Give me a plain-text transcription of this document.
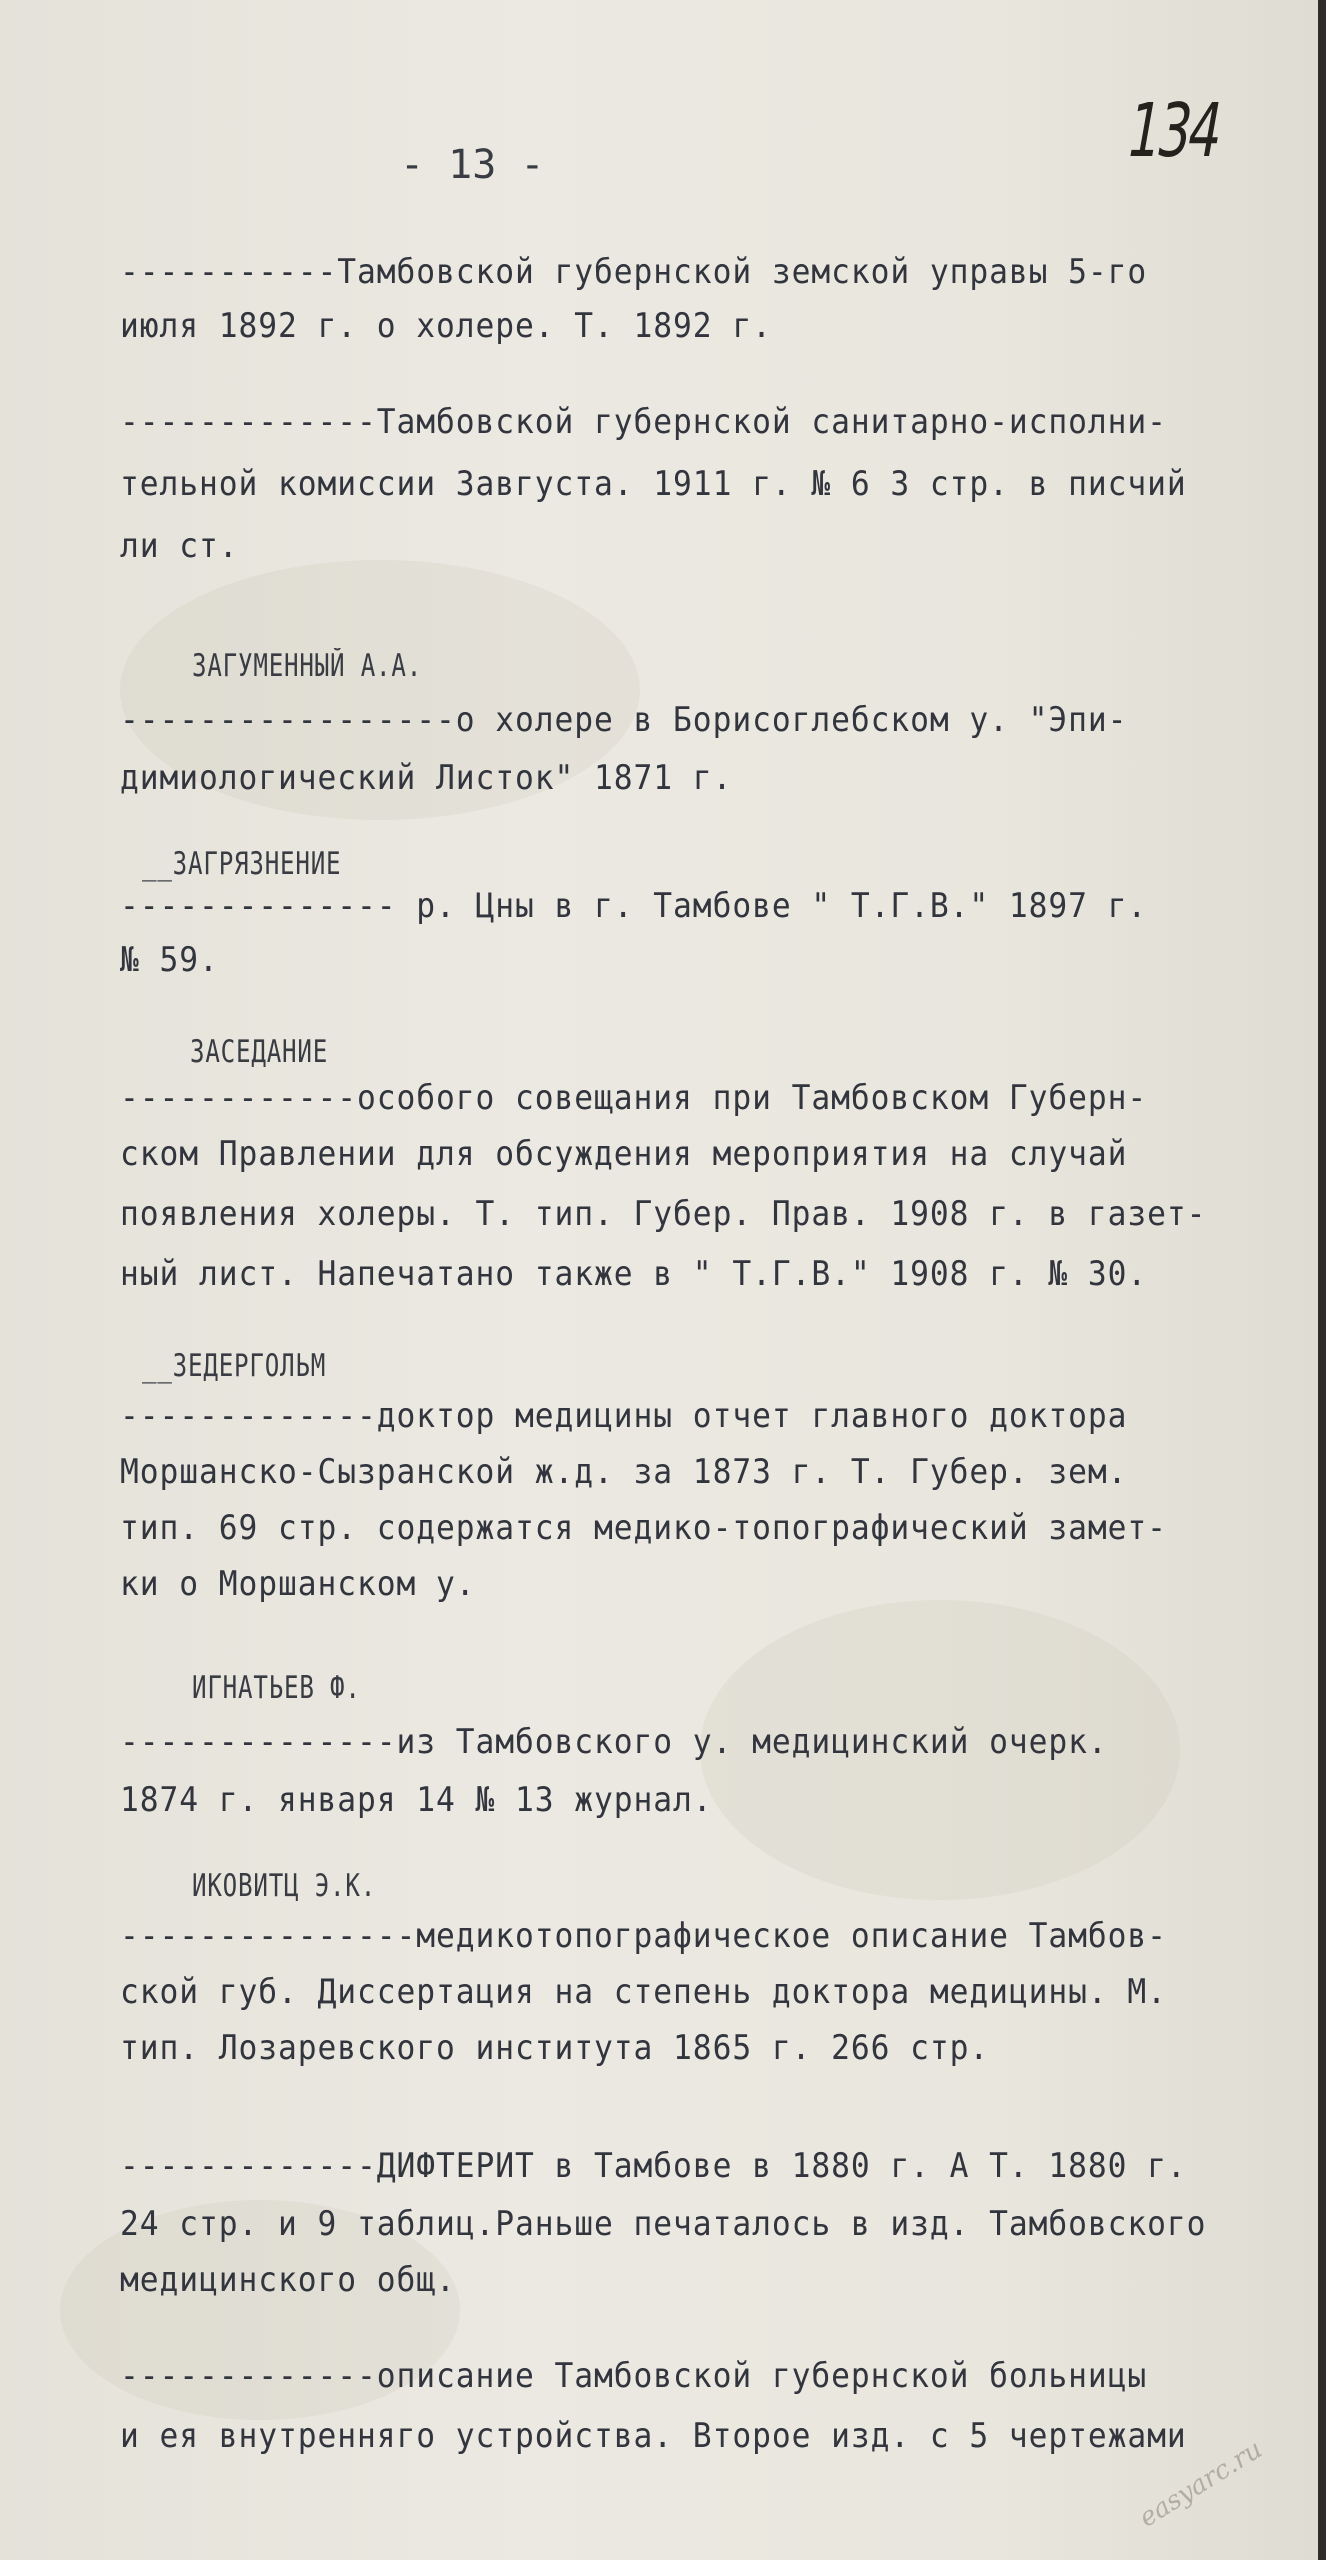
134
- 13 -
-----------Тамбовской губернской земской управы 5-го
июля 1892 г. о холере. Т. 1892 г.
-------------Тамбовской губернской санитарно-исполни-
тельной комиссии Завгуста. 1911 г. № 6 3 стр. в писчий
ли ст.
ЗАГУМЕННЫЙ А.А.
-----------------о холере в Борисоглебском у. "Эпи-
димиологический Листок" 1871 г.
__ЗАГРЯЗНЕНИЕ
-------------- р. Цны в г. Тамбове " Т.Г.В." 1897 г.
№ 59.
ЗАСЕДАНИЕ
------------особого совещания при Тамбовском Губерн-
ском Правлении для обсуждения мероприятия на случай
появления холеры. Т. тип. Губер. Прав. 1908 г. в газет-
ный лист. Напечатано также в " Т.Г.В." 1908 г. № 30.
__ЗЕДЕРГОЛЬМ
-------------доктор медицины отчет главного доктора
Моршанско-Сызранской ж.д. за 1873 г. Т. Губер. зем.
тип. 69 стр. содержатся медико-топографический замет-
ки о Моршанском у.
ИГНАТЬЕВ Ф.
--------------из Тамбовского у. медицинский очерк.
1874 г. января 14 № 13 журнал.
ИКОВИТЦ Э.К.
---------------медикотопографическое описание Тамбов-
ской губ. Диссертация на степень доктора медицины. М.
тип. Лозаревского института 1865 г. 266 стр.
-------------ДИФТЕРИТ в Тамбове в 1880 г. А Т. 1880 г.
24 стр. и 9 таблиц.Раньше печаталось в изд. Тамбовского
медицинского общ.
-------------описание Тамбовской губернской больницы
и ея внутренняго устройства. Второе изд. с 5 чертежами
easyarc.ru
